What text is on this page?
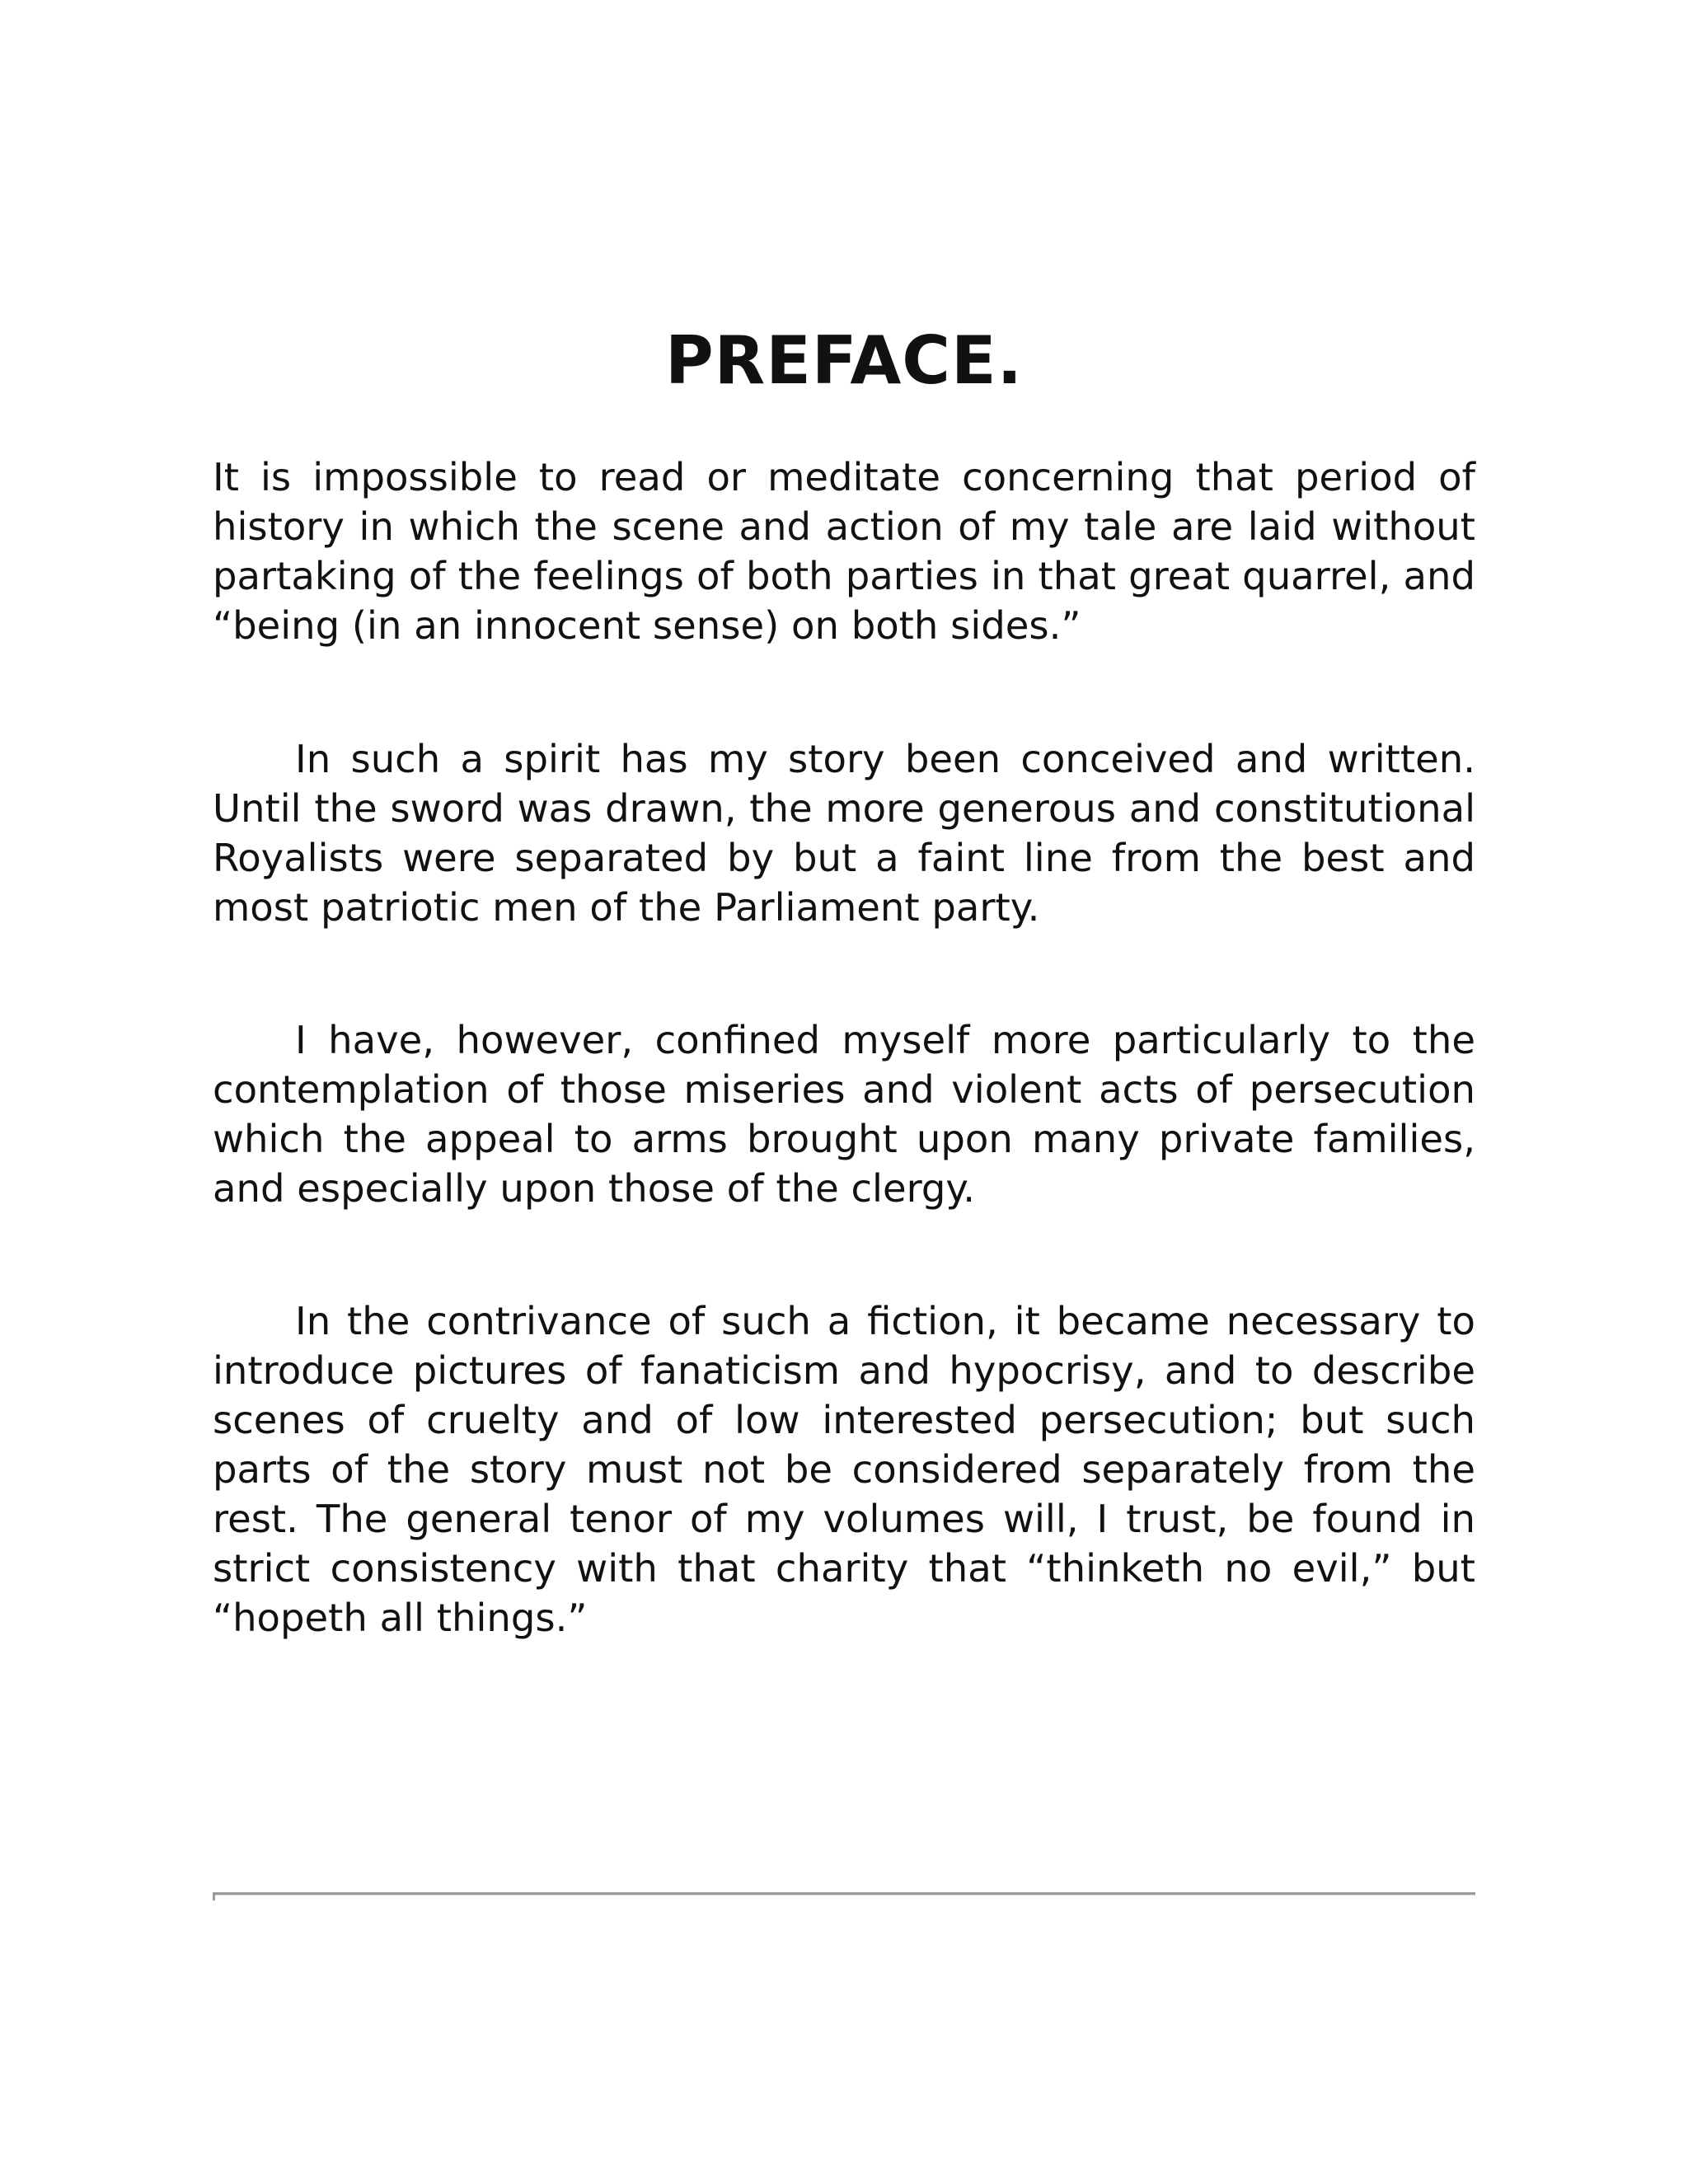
PREFACE.

It is impossible to read or meditate concerning that period of history in which the scene and action of my tale are laid without partaking of the feelings of both parties in that great quarrel, and “being (in an innocent sense) on both sides.”

In such a spirit has my story been conceived and written. Until the sword was drawn, the more generous and constitutional Royalists were separated by but a faint line from the best and most patriotic men of the Parliament party.

I have, however, confined myself more particularly to the contemplation of those miseries and violent acts of persecution which the appeal to arms brought upon many private families, and especially upon those of the clergy.

In the contrivance of such a fiction, it became necessary to introduce pictures of fanaticism and hypocrisy, and to describe scenes of cruelty and of low interested persecution; but such parts of the story must not be considered separately from the rest. The general tenor of my volumes will, I trust, be found in strict consistency with that charity that “thinketh no evil,” but “hopeth all things.”
